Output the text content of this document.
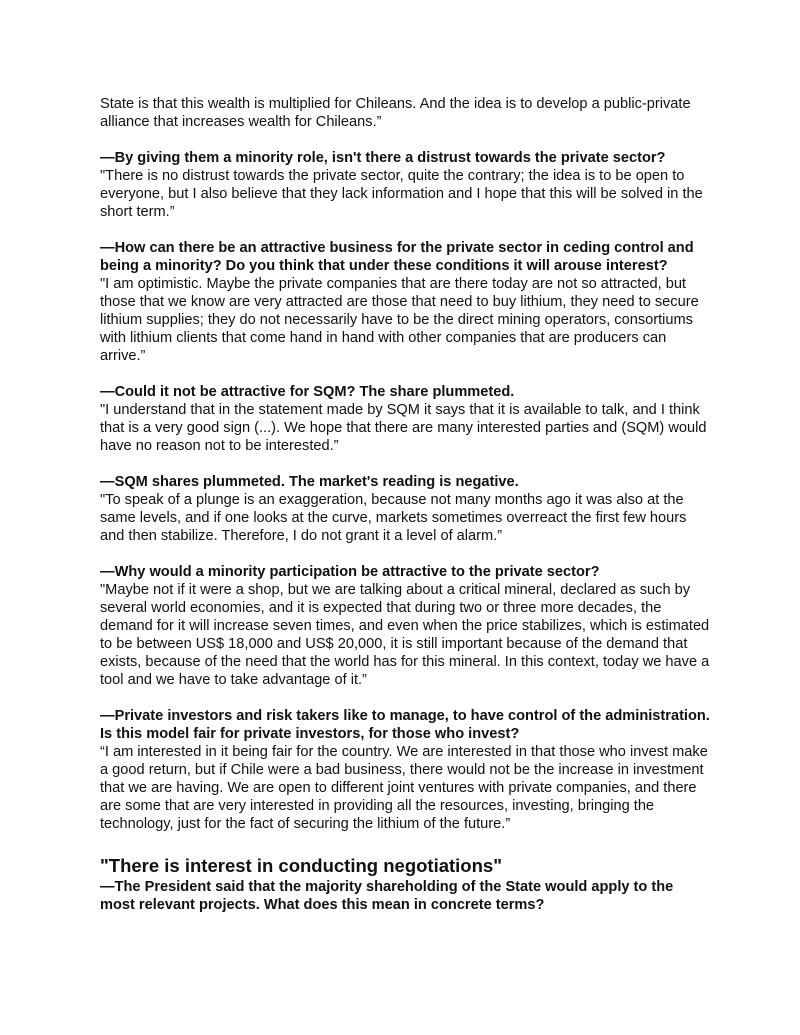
State is that this wealth is multiplied for Chileans. And the idea is to develop a public-private alliance that increases wealth for Chileans.”

—By giving them a minority role, isn't there a distrust towards the private sector?

"There is no distrust towards the private sector, quite the contrary; the idea is to be open to everyone, but I also believe that they lack information and I hope that this will be solved in the short term.”

—How can there be an attractive business for the private sector in ceding control and being a minority? Do you think that under these conditions it will arouse interest?

"I am optimistic. Maybe the private companies that are there today are not so attracted, but those that we know are very attracted are those that need to buy lithium, they need to secure lithium supplies; they do not necessarily have to be the direct mining operators, consortiums with lithium clients that come hand in hand with other companies that are producers can arrive.”

—Could it not be attractive for SQM? The share plummeted.

"I understand that in the statement made by SQM it says that it is available to talk, and I think that is a very good sign (...). We hope that there are many interested parties and (SQM) would have no reason not to be interested.”

—SQM shares plummeted. The market's reading is negative.

"To speak of a plunge is an exaggeration, because not many months ago it was also at the same levels, and if one looks at the curve, markets sometimes overreact the first few hours and then stabilize. Therefore, I do not grant it a level of alarm.”

—Why would a minority participation be attractive to the private sector?

"Maybe not if it were a shop, but we are talking about a critical mineral, declared as such by several world economies, and it is expected that during two or three more decades, the demand for it will increase seven times, and even when the price stabilizes, which is estimated to be between US$ 18,000 and US$ 20,000, it is still important because of the demand that exists, because of the need that the world has for this mineral. In this context, today we have a tool and we have to take advantage of it.”

—Private investors and risk takers like to manage, to have control of the administration. Is this model fair for private investors, for those who invest?

“I am interested in it being fair for the country. We are interested in that those who invest make a good return, but if Chile were a bad business, there would not be the increase in investment that we are having. We are open to different joint ventures with private companies, and there are some that are very interested in providing all the resources, investing, bringing the technology, just for the fact of securing the lithium of the future.”

"There is interest in conducting negotiations"

—The President said that the majority shareholding of the State would apply to the most relevant projects. What does this mean in concrete terms?
